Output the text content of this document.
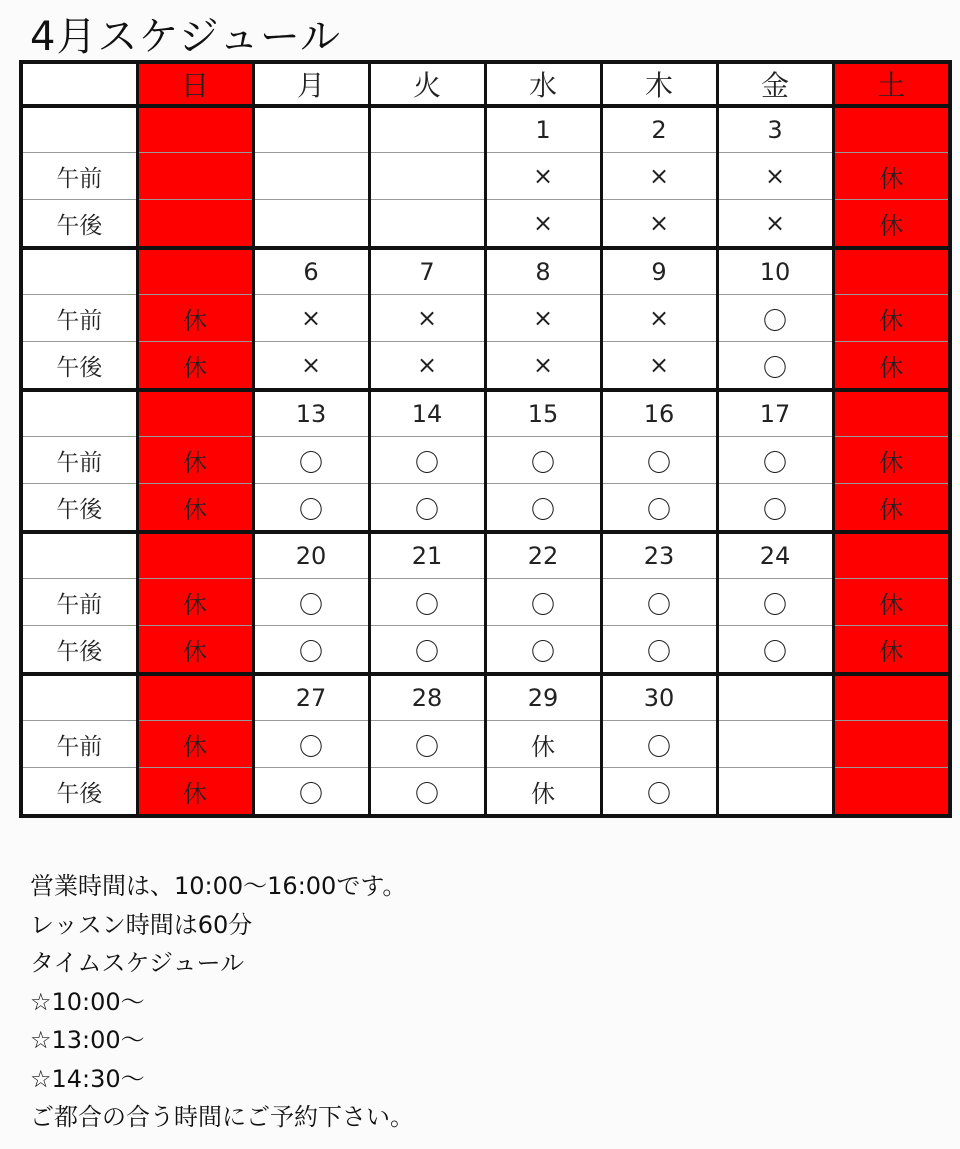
4月スケジュール
	日	月	火	水	木	金	土
				1	2	3	
午前				×	×	×	休
午後				×	×	×	休
		6	7	8	9	10	
午前	休	×	×	×	×	〇	休
午後	休	×	×	×	×	〇	休
		13	14	15	16	17	
午前	休	〇	〇	〇	〇	〇	休
午後	休	〇	〇	〇	〇	〇	休
		20	21	22	23	24	
午前	休	〇	〇	〇	〇	〇	休
午後	休	〇	〇	〇	〇	〇	休
		27	28	29	30		
午前	休	〇	〇	休	〇		
午後	休	〇	〇	休	〇		
営業時間は、10:00～16:00です。
レッスン時間は60分
タイムスケジュール
☆10:00～
☆13:00～
☆14:30～
ご都合の合う時間にご予約下さい。
